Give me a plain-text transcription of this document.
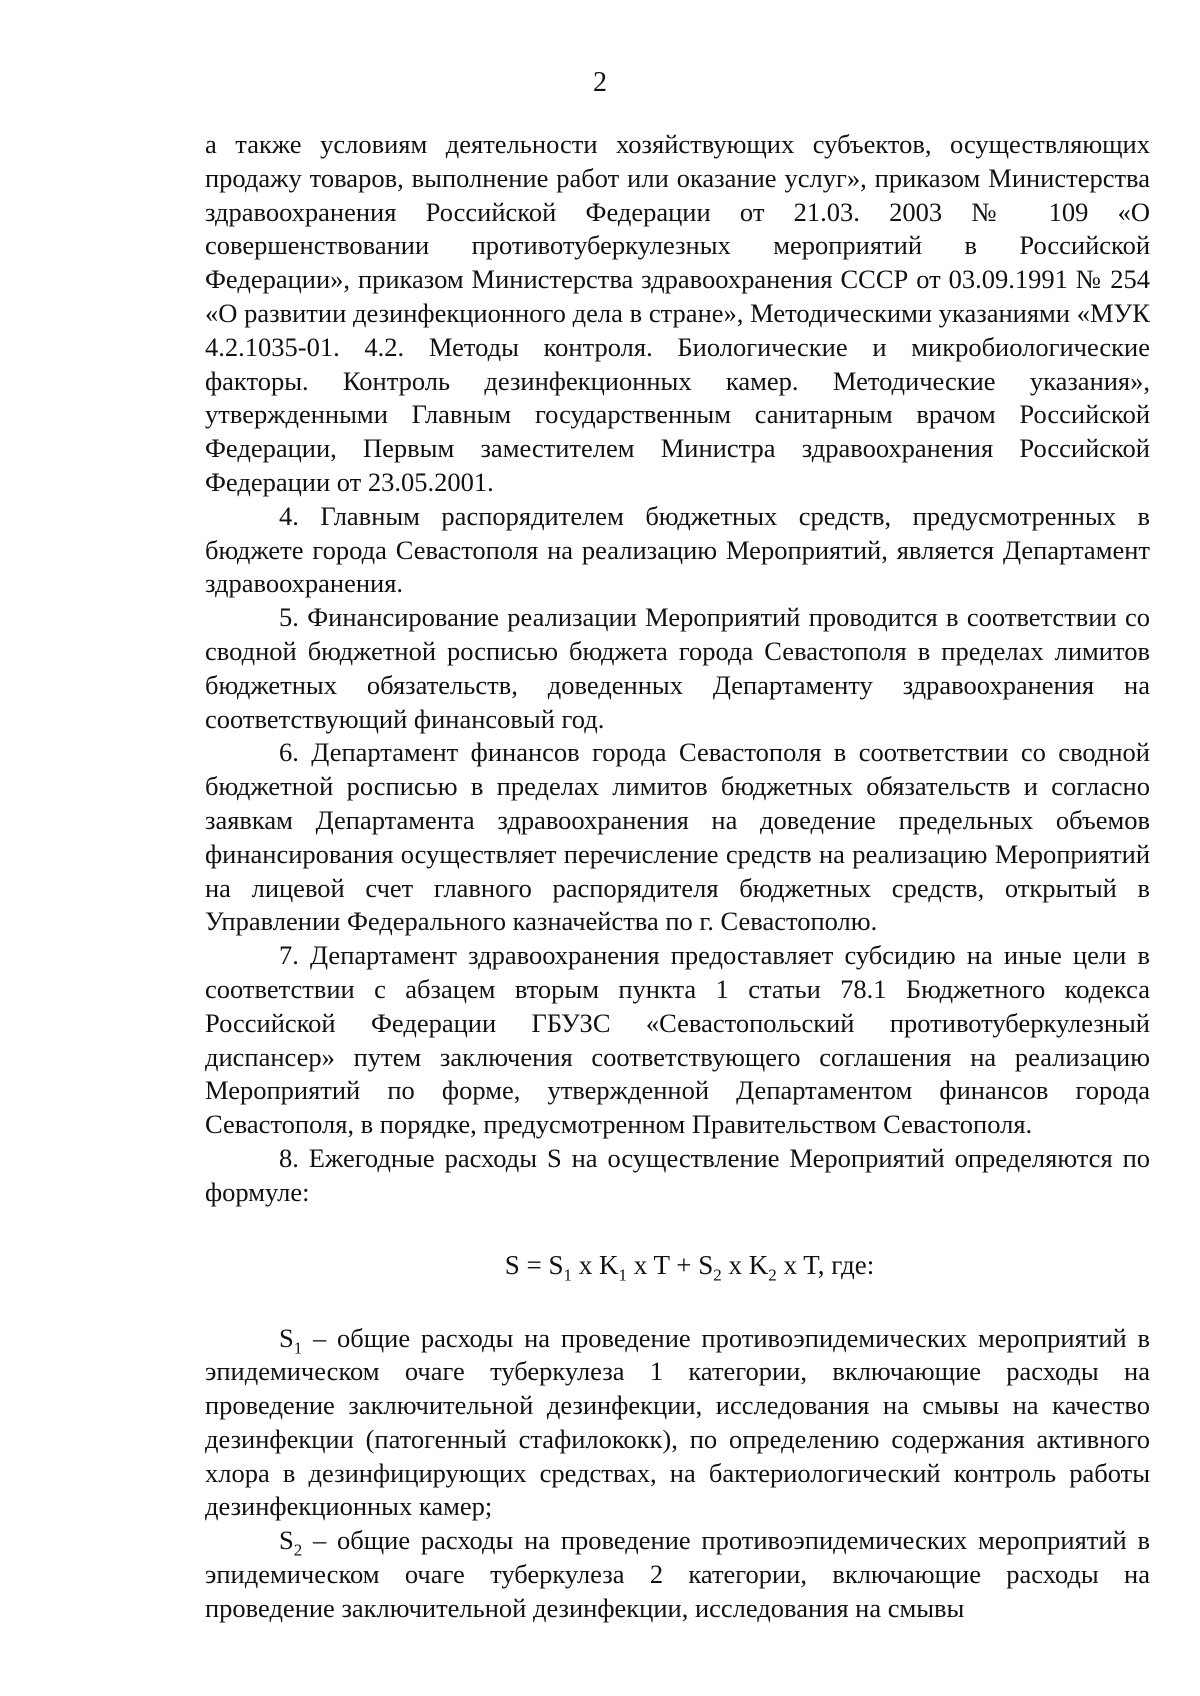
2

а также условиям деятельности хозяйствующих субъектов, осуществляющих продажу товаров, выполнение работ или оказание услуг», приказом Министерства здравоохранения Российской Федерации от 21.03. 2003 № 109 «О совершенствовании противотуберкулезных мероприятий в Российской Федерации», приказом Министерства здравоохранения СССР от 03.09.1991 № 254 «О развитии дезинфекционного дела в стране», Методическими указаниями «МУК 4.2.1035-01. 4.2. Методы контроля. Биологические и микробиологические факторы. Контроль дезинфекционных камер. Методические указания», утвержденными Главным государственным санитарным врачом Российской Федерации, Первым заместителем Министра здравоохранения Российской Федерации от 23.05.2001.

4. Главным распорядителем бюджетных средств, предусмотренных в бюджете города Севастополя на реализацию Мероприятий, является Департамент здравоохранения.

5. Финансирование реализации Мероприятий проводится в соответствии со сводной бюджетной росписью бюджета города Севастополя в пределах лимитов бюджетных обязательств, доведенных Департаменту здравоохранения на соответствующий финансовый год.

6. Департамент финансов города Севастополя в соответствии со сводной бюджетной росписью в пределах лимитов бюджетных обязательств и согласно заявкам Департамента здравоохранения на доведение предельных объемов финансирования осуществляет перечисление средств на реализацию Мероприятий на лицевой счет главного распорядителя бюджетных средств, открытый в Управлении Федерального казначейства по г. Севастополю.

7. Департамент здравоохранения предоставляет субсидию на иные цели в соответствии с абзацем вторым пункта 1 статьи 78.1 Бюджетного кодекса Российской Федерации ГБУЗС «Севастопольский противотуберкулезный диспансер» путем заключения соответствующего соглашения на реализацию Мероприятий по форме, утвержденной Департаментом финансов города Севастополя, в порядке, предусмотренном Правительством Севастополя.

8. Ежегодные расходы S на осуществление Мероприятий определяются по формуле:

$S = S_1$ x $K_1$ x $T + S_2$ x $K_2$ x T, где:

$S_1$ – общие расходы на проведение противоэпидемических мероприятий в эпидемическом очаге туберкулеза 1 категории, включающие расходы на проведение заключительной дезинфекции, исследования на смывы на качество дезинфекции (патогенный стафилококк), по определению содержания активного хлора в дезинфицирующих средствах, на бактериологический контроль работы дезинфекционных камер;

$S_2$ – общие расходы на проведение противоэпидемических мероприятий в эпидемическом очаге туберкулеза 2 категории, включающие расходы на проведение заключительной дезинфекции, исследования на смывы
